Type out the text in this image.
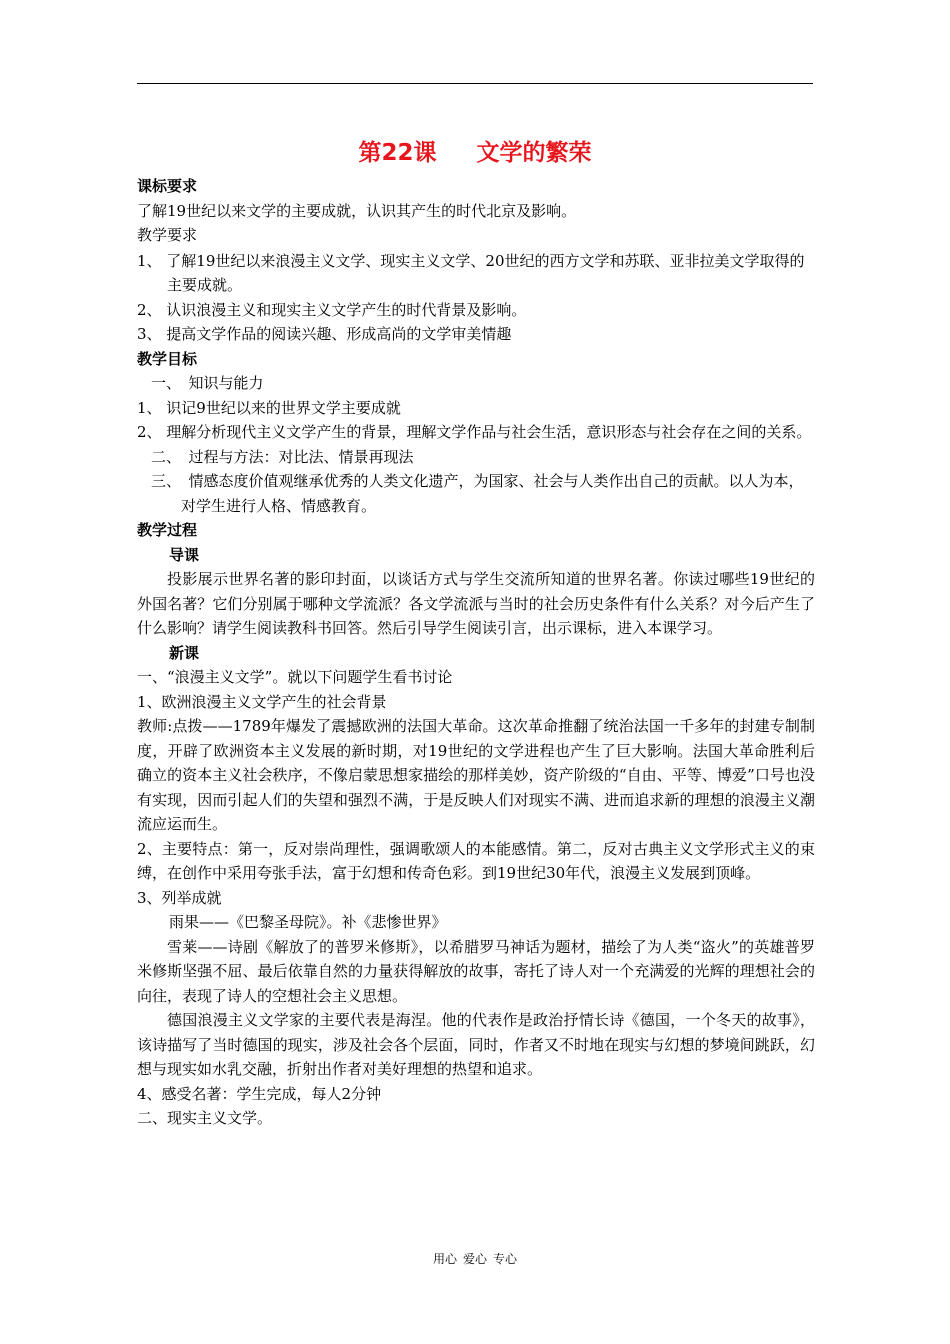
第22课 文学的繁荣
课标要求
了解19世纪以来文学的主要成就，认识其产生的时代北京及影响。
教学要求
1、 了解19世纪以来浪漫主义文学、现实主义文学、20世纪的西方文学和苏联、亚非拉美文学取得的主要成就。
2、 认识浪漫主义和现实主义文学产生的时代背景及影响。
3、 提高文学作品的阅读兴趣、形成高尚的文学审美情趣
教学目标
一、　知识与能力
1、 识记9世纪以来的世界文学主要成就
2、 理解分析现代主义文学产生的背景，理解文学作品与社会生活，意识形态与社会存在之间的关系。
二、　过程与方法：对比法、情景再现法
三、　情感态度价值观继承优秀的人类文化遗产，为国家、社会与人类作出自己的贡献。以人为本，对学生进行人格、情感教育。
教学过程
导课
投影展示世界名著的影印封面，以谈话方式与学生交流所知道的世界名著。你读过哪些19世纪的外国名著？它们分别属于哪种文学流派？各文学流派与当时的社会历史条件有什么关系？对今后产生了什么影响？请学生阅读教科书回答。然后引导学生阅读引言，出示课标，进入本课学习。
新课
一、“浪漫主义文学”。就以下问题学生看书讨论
1、欧洲浪漫主义文学产生的社会背景
教师:点拨——1789年爆发了震撼欧洲的法国大革命。这次革命推翻了统治法国一千多年的封建专制制度，开辟了欧洲资本主义发展的新时期，对19世纪的文学进程也产生了巨大影响。法国大革命胜利后确立的资本主义社会秩序，不像启蒙思想家描绘的那样美妙，资产阶级的“自由、平等、博爱”口号也没有实现，因而引起人们的失望和强烈不满，于是反映人们对现实不满、进而追求新的理想的浪漫主义潮流应运而生。
2、主要特点：第一，反对崇尚理性，强调歌颂人的本能感情。第二，反对古典主义文学形式主义的束缚，在创作中采用夸张手法，富于幻想和传奇色彩。到19世纪30年代，浪漫主义发展到顶峰。
3、列举成就
雨果——《巴黎圣母院》。补《悲惨世界》
雪莱——诗剧《解放了的普罗米修斯》，以希腊罗马神话为题材，描绘了为人类“盗火”的英雄普罗米修斯坚强不屈、最后依靠自然的力量获得解放的故事，寄托了诗人对一个充满爱的光辉的理想社会的向往，表现了诗人的空想社会主义思想。
德国浪漫主义文学家的主要代表是海涅。他的代表作是政治抒情长诗《德国，一个冬天的故事》，该诗描写了当时德国的现实，涉及社会各个层面，同时，作者又不时地在现实与幻想的梦境间跳跃，幻想与现实如水乳交融，折射出作者对美好理想的热望和追求。
4、感受名著：学生完成，每人2分钟
二、现实主义文学。
用心 爱心 专心
